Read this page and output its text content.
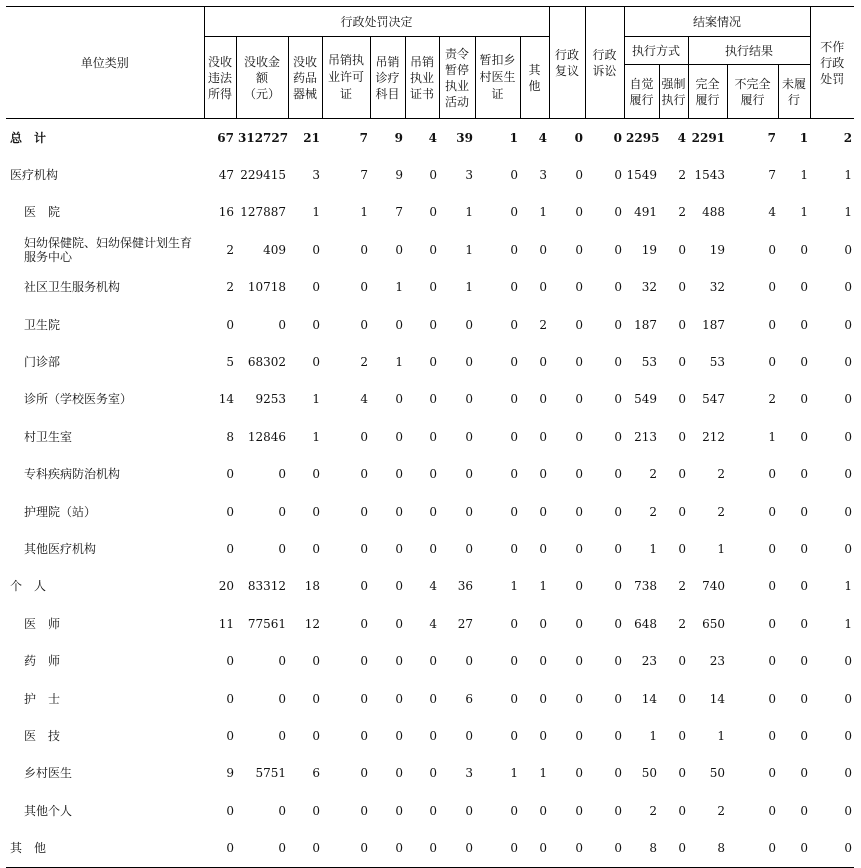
单位类别	行政处罚决定									行政复议	行政诉讼	结案情况					不作行政处罚

	没收违法所得	没收金额（元）	没收药品器械	吊销执业许可证	吊销诊疗科目	吊销执业证书	责令暂停执业活动	暂扣乡村医生证	其他			执行方式		执行结果			

												自觉履行	强制执行	完全履行	不完全履行	未履行	

总　计	67	312727	21	7	9	4	39	1	4	0	0	2295	4	2291	7	1	2
医疗机构	47	229415	3	7	9	0	3	0	3	0	0	1549	2	1543	7	1	1
医　院	16	127887	1	1	7	0	1	0	1	0	0	491	2	488	4	1	1
妇幼保健院、妇幼保健计划生育服务中心	2	409	0	0	0	0	1	0	0	0	0	19	0	19	0	0	0
社区卫生服务机构	2	10718	0	0	1	0	1	0	0	0	0	32	0	32	0	0	0
卫生院	0	0	0	0	0	0	0	0	2	0	0	187	0	187	0	0	0
门诊部	5	68302	0	2	1	0	0	0	0	0	0	53	0	53	0	0	0
诊所（学校医务室）	14	9253	1	4	0	0	0	0	0	0	0	549	0	547	2	0	0
村卫生室	8	12846	1	0	0	0	0	0	0	0	0	213	0	212	1	0	0
专科疾病防治机构	0	0	0	0	0	0	0	0	0	0	0	2	0	2	0	0	0
护理院（站）	0	0	0	0	0	0	0	0	0	0	0	2	0	2	0	0	0
其他医疗机构	0	0	0	0	0	0	0	0	0	0	0	1	0	1	0	0	0
个　人	20	83312	18	0	0	4	36	1	1	0	0	738	2	740	0	0	1
医　师	11	77561	12	0	0	4	27	0	0	0	0	648	2	650	0	0	1
药　师	0	0	0	0	0	0	0	0	0	0	0	23	0	23	0	0	0
护　士	0	0	0	0	0	0	6	0	0	0	0	14	0	14	0	0	0
医　技	0	0	0	0	0	0	0	0	0	0	0	1	0	1	0	0	0
乡村医生	9	5751	6	0	0	0	3	1	1	0	0	50	0	50	0	0	0
其他个人	0	0	0	0	0	0	0	0	0	0	0	2	0	2	0	0	0
其　他	0	0	0	0	0	0	0	0	0	0	0	8	0	8	0	0	0
